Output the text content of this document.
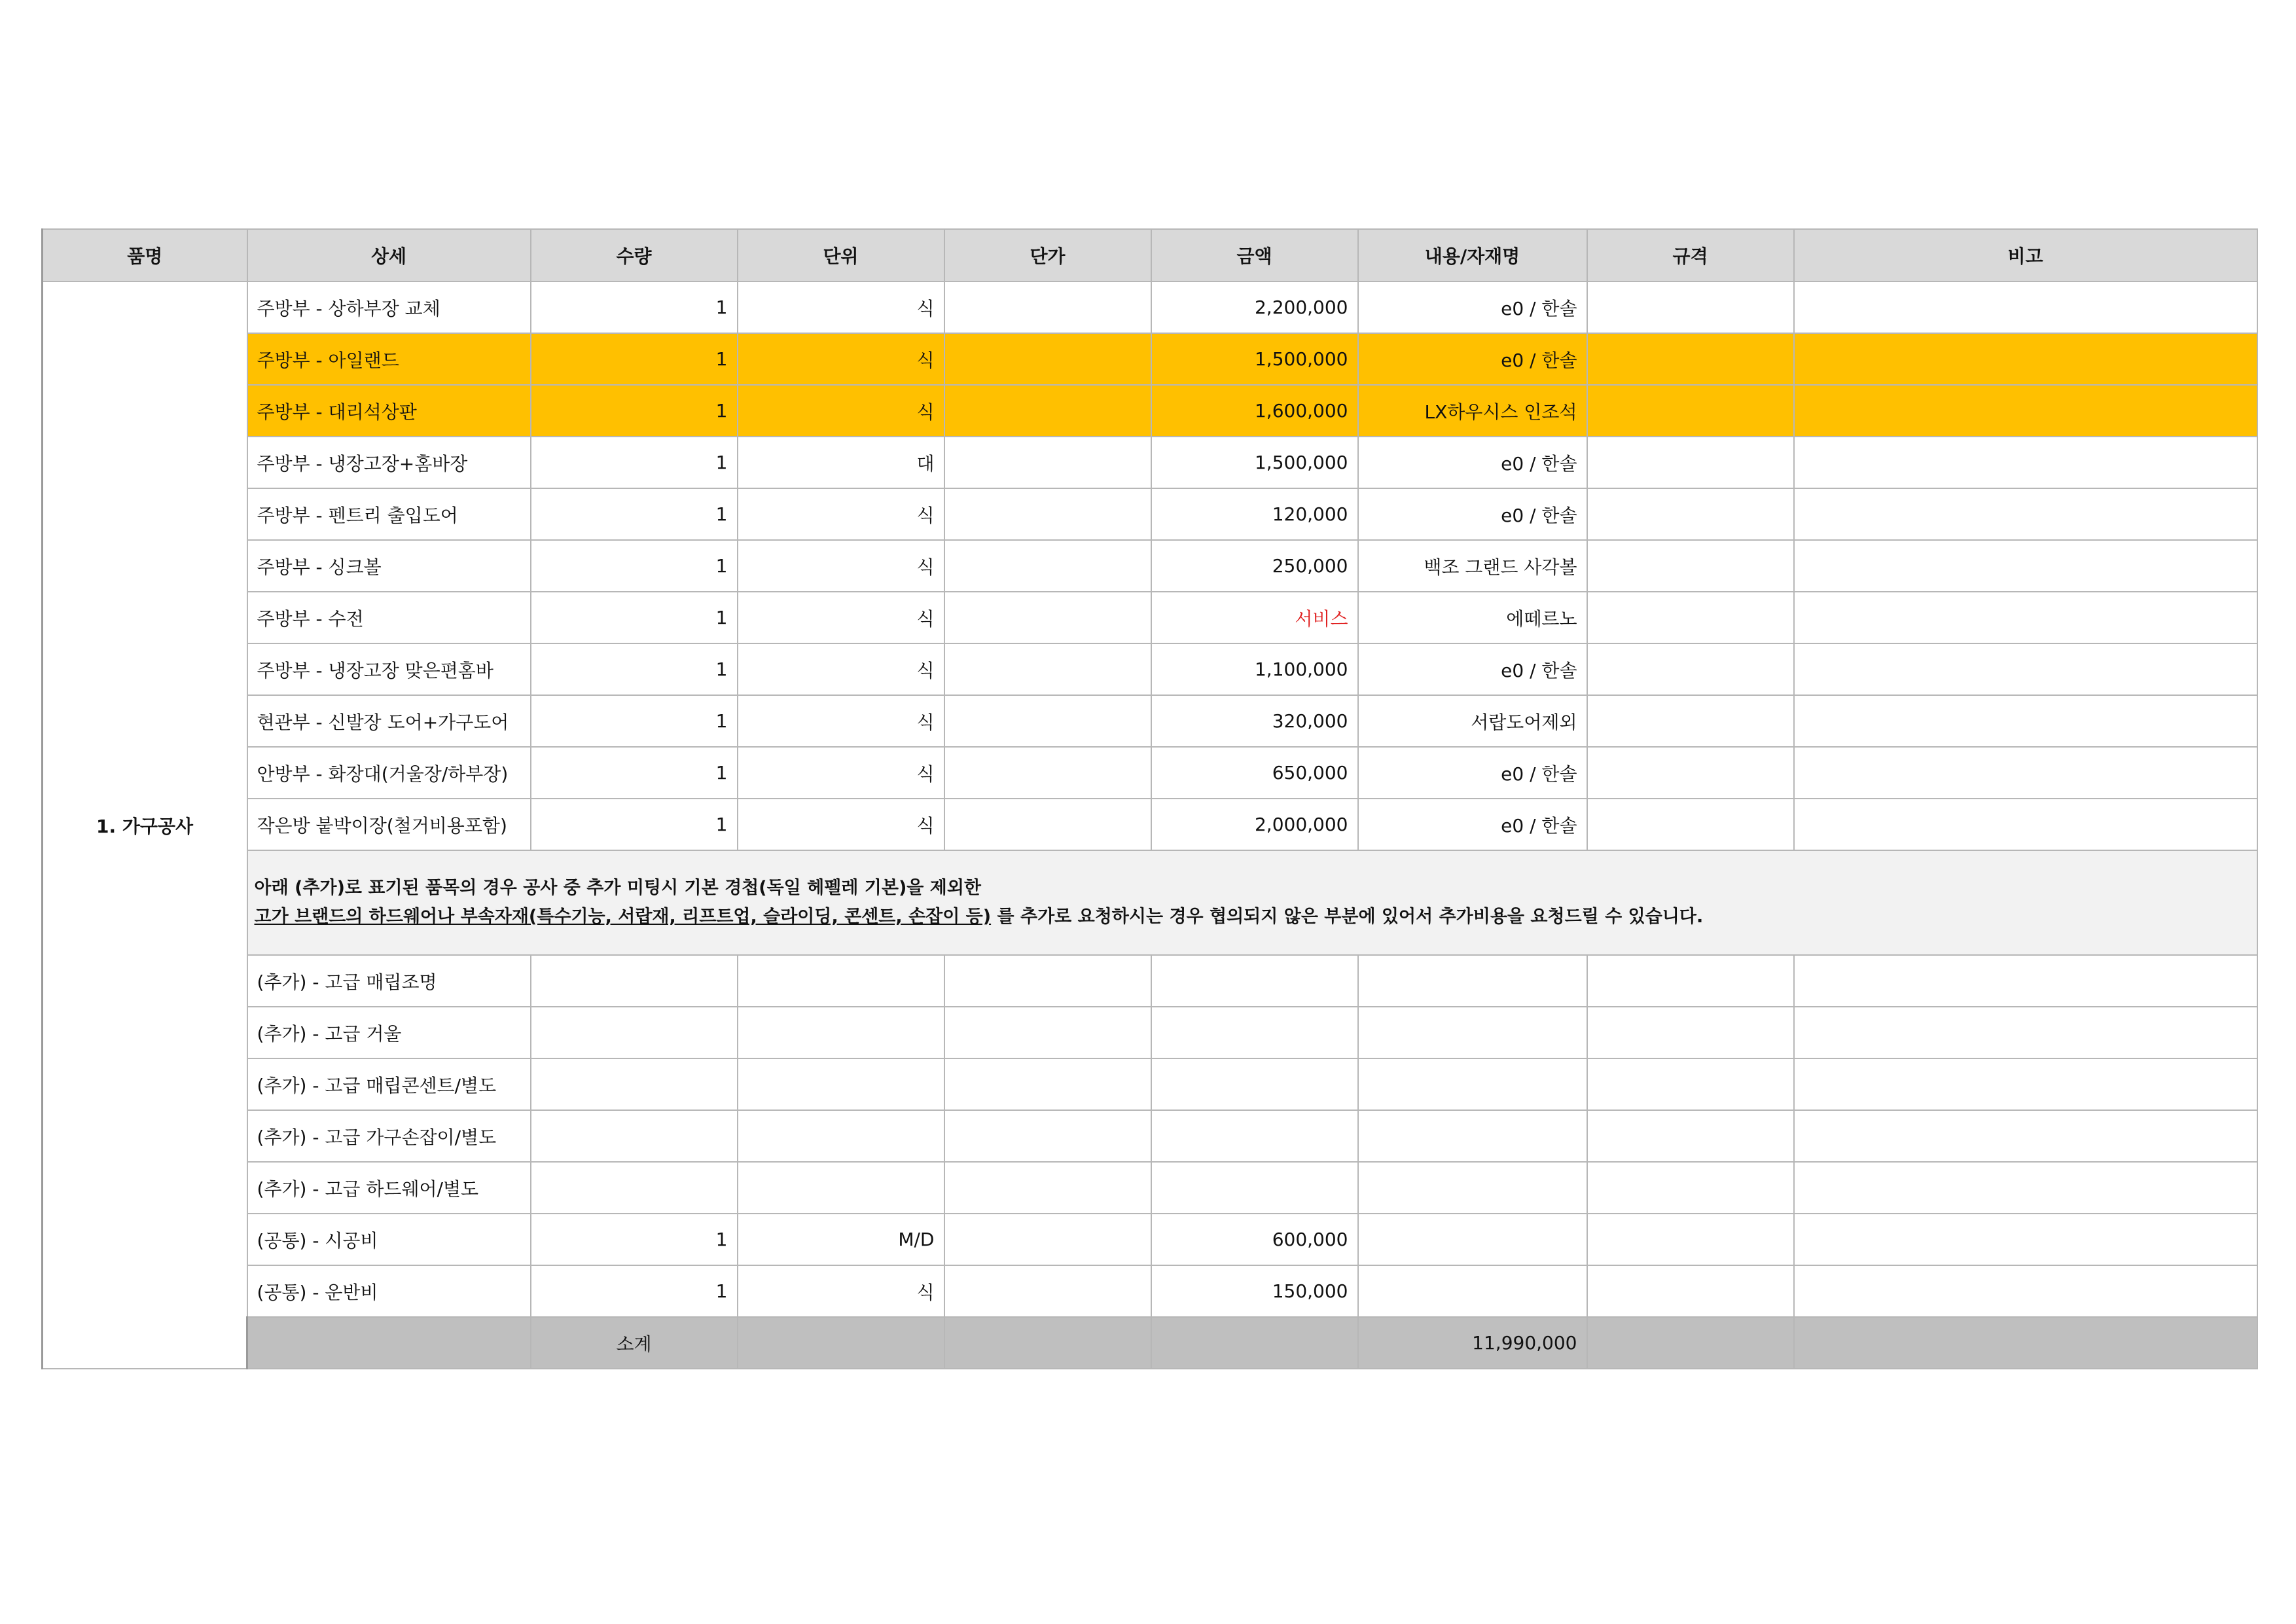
품명	상세	수량	단위	단가	금액	내용/자재명	규격	비고	
1. 가구공사	주방부 - 상하부장 교체	1	식		2,200,000	e0 / 한솔			
	주방부 - 아일랜드	1	식		1,500,000	e0 / 한솔			
	주방부 - 대리석상판	1	식		1,600,000	LX하우시스 인조석			
	주방부 - 냉장고장+홈바장	1	대		1,500,000	e0 / 한솔			
	주방부 - 펜트리 출입도어	1	식		120,000	e0 / 한솔			
	주방부 - 싱크볼	1	식		250,000	백조 그랜드 사각볼			
	주방부 - 수전	1	식		서비스	에떼르노			
	주방부 - 냉장고장 맞은편홈바	1	식		1,100,000	e0 / 한솔			
	현관부 - 신발장 도어+가구도어	1	식		320,000	서랍도어제외			
	안방부 - 화장대(거울장/하부장)	1	식		650,000	e0 / 한솔			
	작은방 붙박이장(철거비용포함)	1	식		2,000,000	e0 / 한솔			

	아래 (추가)로 표기된 품목의 경우 공사 중 추가 미팅시 기본 경첩(독일 헤펠레 기본)을 제외한
고가 브랜드의 하드웨어나 부속자재(특수기능, 서랍재, 리프트업, 슬라이딩, 콘센트, 손잡이 등) 를 추가로 요청하시는 경우 협의되지 않은 부분에 있어서 추가비용을 요청드릴 수 있습니다.								

	(추가) - 고급 매립조명								
	(추가) - 고급 거울								
	(추가) - 고급 매립콘센트/별도								
	(추가) - 고급 가구손잡이/별도								
	(추가) - 고급 하드웨어/별도								
	(공통) - 시공비	1	M/D		600,000				
	(공통) - 운반비	1	식		150,000				
		소계				11,990,000			
